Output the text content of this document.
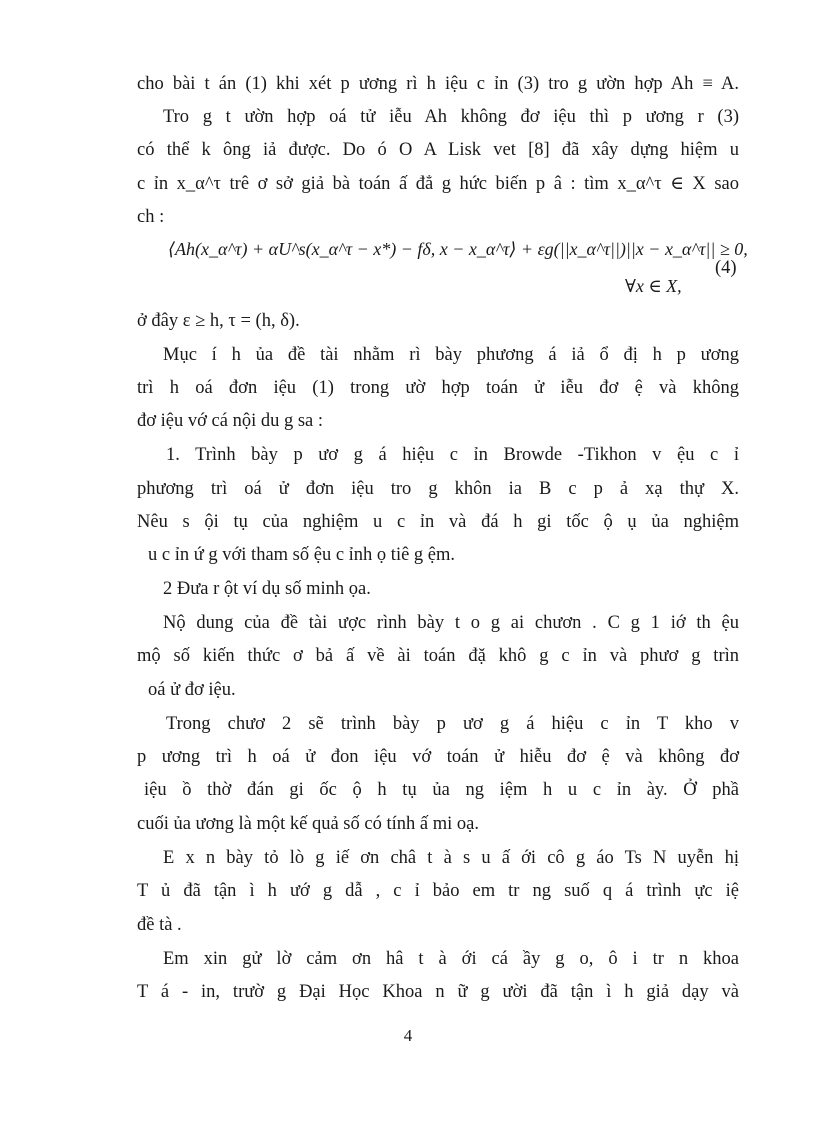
cho bài t án (1) khi xét p ương rì h iệu c ỉn (3) tro g ườn hợp Ah ≡ A.
Tro g t ườn hợp oá tử iễu Ah không đơ iệu thì p ương r (3)
có thể k ông iả được. Do ó O A Lisk vet [8] đã xây dựng hiệm u
c ỉn x_α^τ trê ơ sở giả bà toán ấ đẳ g hức biến p â : tìm x_α^τ ∈ X sao
ch :
⟨Ah(x_α^τ) + αU^s(x_α^τ − x*) − fδ, x − x_α^τ⟩ + εg(||x_α^τ||)||x − x_α^τ|| ≥ 0,
∀x ∈ X,
(4)
ở đây ε ≥ h, τ = (h, δ).
Mục í h ủa đề tài nhằm rì bày phương á iả ổ đị h p ương
trì h oá đơn iệu (1) trong ườ hợp toán ử iễu đơ ệ và không
đơ iệu vớ cá nội du g sa :
1. Trình bày p ươ g á hiệu c ỉn Browde -Tikhon v ệu c ỉ
phương trì oá ử đơn iệu tro g khôn ia B c p ả xạ thự X.
Nêu s ội tụ của nghiệm u c ỉn và đá h gi tốc ộ ụ ủa nghiệm
u c ỉn ứ g với tham số ệu c ỉnh ọ tiê g ệm.
2 Đưa r ột ví dụ số minh ọa.
Nộ dung của đề tài ược rình bày t o g ai chươn . C g 1 iớ th ệu
mộ số kiến thức ơ bả ấ về ài toán đặ khô g c ỉn và phươ g trìn
oá ử đơ iệu.
Trong chươ 2 sẽ trình bày p ươ g á hiệu c ỉn T kho v
p ương trì h oá ử đon iệu vớ toán ử hiễu đơ ệ và không đơ
iệu ồ thờ đán gi ốc ộ h tụ ủa ng iệm h u c ỉn ày. Ở phầ
cuối ủa ương là một kế quả số có tính ấ mi oạ.
E x n bày tỏ lò g iế ơn châ t à s u ấ ới cô g áo Ts N uyễn hị
T ủ đã tận ì h ướ g dẫ , c ỉ bảo em tr ng suố q á trình ực iệ
đề tà .
Em xin gử lờ cảm ơn hâ t à ới cá ầy g o, ô i tr n khoa
T á - in, trườ g Đại Học Khoa n ữ g ười đã tận ì h giả dạy và
4
